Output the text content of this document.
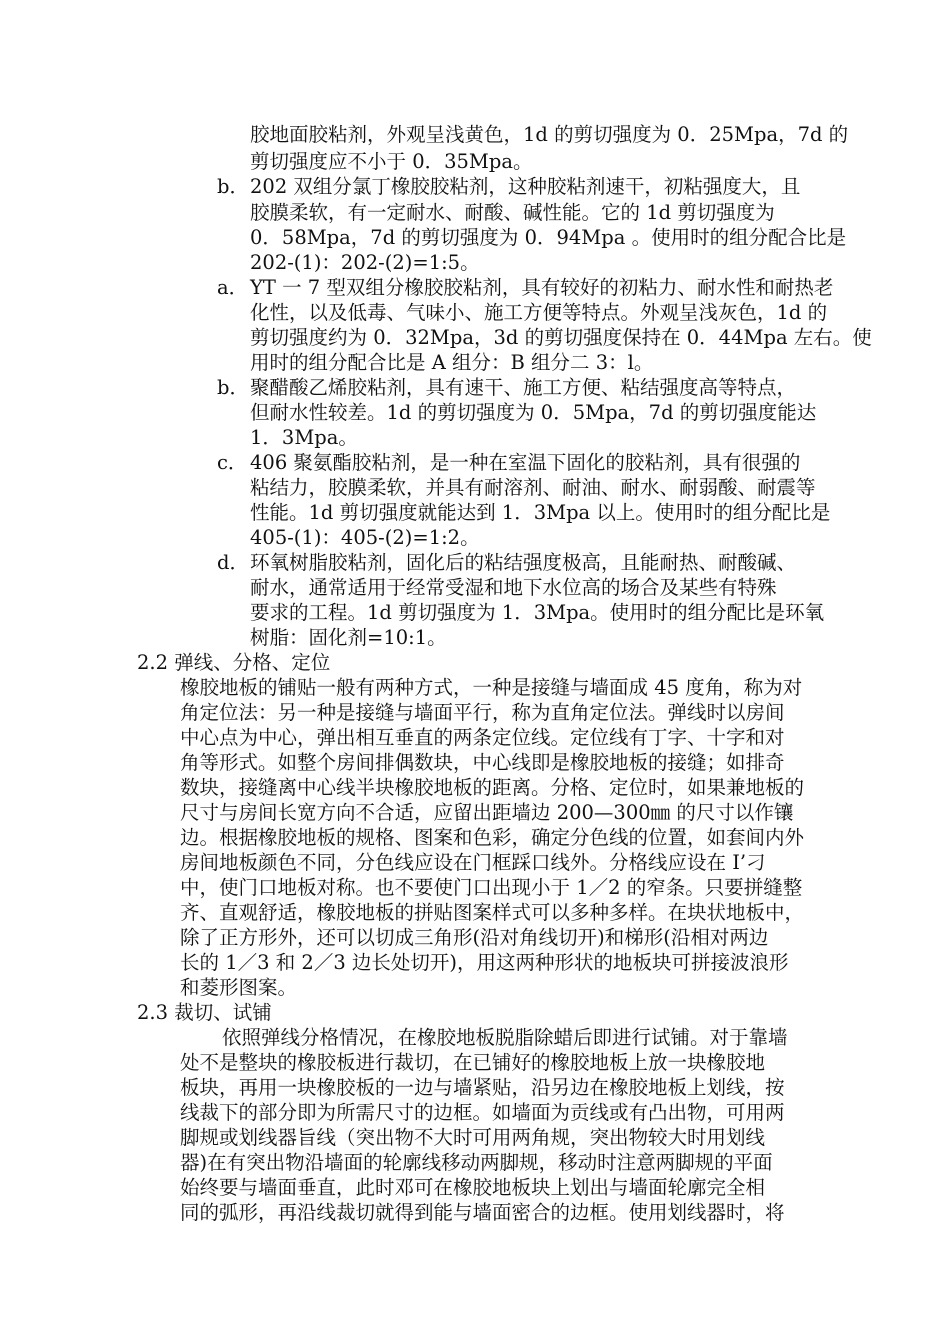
胶地面胶粘剂，外观呈浅黄色，1d 的剪切强度为 0．25Mpa，7d 的
剪切强度应不小于 0．35Mpa。
b． 202 双组分氯丁橡胶胶粘剂，这种胶粘剂速干，初粘强度大，且
胶膜柔软，有一定耐水、耐酸、碱性能。它的 1d 剪切强度为
0．58Mpa，7d 的剪切强度为 0．94Mpa 。使用时的组分配合比是
202-(1)：202-(2)=1:5。
a． YT 一 7 型双组分橡胶胶粘剂，具有较好的初粘力、耐水性和耐热老
化性，以及低毒、气味小、施工方便等特点。外观呈浅灰色，1d 的
剪切强度约为 0．32Mpa，3d 的剪切强度保持在 0．44Mpa 左右。使
用时的组分配合比是 A 组分：B 组分二 3：l。
b． 聚醋酸乙烯胶粘剂，具有速干、施工方便、粘结强度高等特点，
但耐水性较差。1d 的剪切强度为 0．5Mpa，7d 的剪切强度能达
1．3Mpa。
c． 406 聚氨酯胶粘剂，是一种在室温下固化的胶粘剂，具有很强的
粘结力，胶膜柔软，并具有耐溶剂、耐油、耐水、耐弱酸、耐震等
性能。1d 剪切强度就能达到 1．3Mpa 以上。使用时的组分配比是
405-(1)：405-(2)=1:2。
d． 环氧树脂胶粘剂，固化后的粘结强度极高，且能耐热、耐酸碱、
耐水，通常适用于经常受湿和地下水位高的场合及某些有特殊
要求的工程。1d 剪切强度为 1．3Mpa。使用时的组分配比是环氧
树脂：固化剂=10:1。
2.2 弹线、分格、定位
橡胶地板的铺贴一般有两种方式，一种是接缝与墙面成 45 度角，称为对
角定位法：另一种是接缝与墙面平行，称为直角定位法。弹线时以房间
中心点为中心，弹出相互垂直的两条定位线。定位线有丁字、十字和对
角等形式。如整个房间排偶数块，中心线即是橡胶地板的接缝；如排奇
数块，接缝离中心线半块橡胶地板的距离。分格、定位时，如果兼地板的
尺寸与房间长宽方向不合适，应留出距墙边 200—300㎜ 的尺寸以作镶
边。根据橡胶地板的规格、图案和色彩，确定分色线的位置，如套间内外
房间地板颜色不同，分色线应设在门框踩口线外。分格线应设在 I’刁
中，使门口地板对称。也不要使门口出现小于 1／2 的窄条。只要拼缝整
齐、直观舒适，橡胶地板的拼贴图案样式可以多种多样。在块状地板中，
除了正方形外，还可以切成三角形(沿对角线切开)和梯形(沿相对两边
长的 1／3 和 2／3 边长处切开)，用这两种形状的地板块可拼接波浪形
和菱形图案。
2.3 裁切、试铺
依照弹线分格情况，在橡胶地板脱脂除蜡后即进行试铺。对于靠墙
处不是整块的橡胶板进行裁切，在已铺好的橡胶地板上放一块橡胶地
板块，再用一块橡胶板的一边与墙紧贴，沿另边在橡胶地板上划线，按
线裁下的部分即为所需尺寸的边框。如墙面为贡线或有凸出物，可用两
脚规或划线器旨线（突出物不大时可用两角规，突出物较大时用划线
器)在有突出物沿墙面的轮廓线移动两脚规，移动时注意两脚规的平面
始终要与墙面垂直，此时邓可在橡胶地板块上划出与墙面轮廓完全相
同的弧形，再沿线裁切就得到能与墙面密合的边框。使用划线器时，将
